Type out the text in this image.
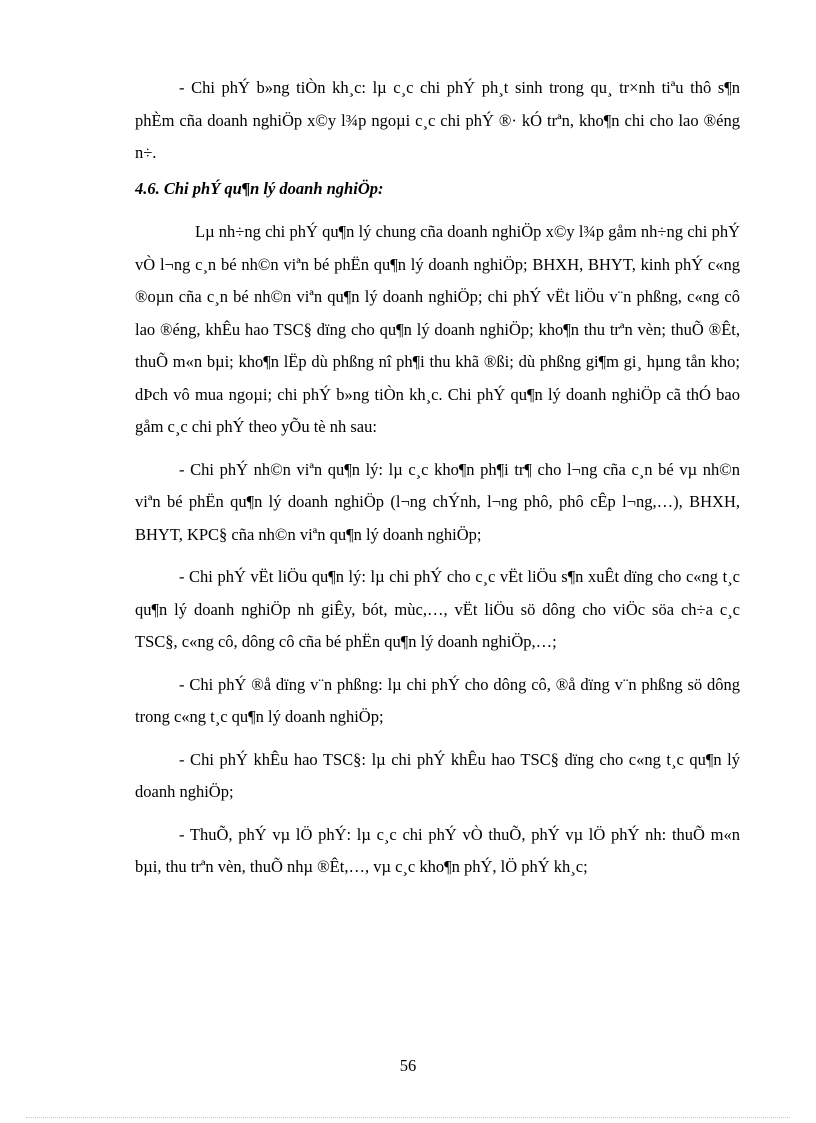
- Chi phÝ b»ng tiÒn kh¸c: lµ c¸c chi phÝ ph¸t sinh trong qu¸ tr×nh tiªu thô s¶n phÈm cña doanh nghiÖp x©y l¾p ngoµi c¸c chi phÝ ®· kÓ trªn, kho¶n chi cho lao ®éng n÷.

4.6. Chi phÝ qu¶n lý doanh nghiÖp:

Lµ nh÷ng chi phÝ qu¶n lý chung cña doanh nghiÖp x©y l¾p gåm nh÷ng chi phÝ vÒ l¬ng c¸n bé nh©n viªn bé phËn qu¶n lý doanh nghiÖp; BHXH, BHYT, kinh phÝ c«ng ®oµn cña c¸n bé nh©n viªn qu¶n lý doanh nghiÖp; chi phÝ vËt liÖu v¨n phßng, c«ng cô lao ®éng, khÊu hao TSC§ dïng cho qu¶n lý doanh nghiÖp; kho¶n thu trªn vèn; thuÕ ®Êt, thuÕ m«n bµi; kho¶n lËp dù phßng nî ph¶i thu khã ®ßi; dù phßng gi¶m gi¸ hµng tån kho; dÞch vô mua ngoµi; chi phÝ b»ng tiÒn kh¸c. Chi phÝ qu¶n lý doanh nghiÖp cã thÓ bao gåm c¸c chi phÝ theo yÕu tè nh sau:

- Chi phÝ nh©n viªn qu¶n lý: lµ c¸c kho¶n ph¶i tr¶ cho l¬ng cña c¸n bé vµ nh©n viªn bé phËn qu¶n lý doanh nghiÖp (l¬ng chÝnh, l¬ng phô, phô cÊp l¬ng,…), BHXH, BHYT, KPC§ cña nh©n viªn qu¶n lý doanh nghiÖp;

- Chi phÝ vËt liÖu qu¶n lý: lµ chi phÝ cho c¸c vËt liÖu s¶n xuÊt dïng cho c«ng t¸c qu¶n lý doanh nghiÖp nh giÊy, bót, mùc,…, vËt liÖu sö dông cho viÖc söa ch÷a c¸c TSC§, c«ng cô, dông cô cña bé phËn qu¶n lý doanh nghiÖp,…;

- Chi phÝ ®å dïng v¨n phßng: lµ chi phÝ cho dông cô, ®å dïng v¨n phßng sö dông trong c«ng t¸c qu¶n lý doanh nghiÖp;

- Chi phÝ khÊu hao TSC§: lµ chi phÝ khÊu hao TSC§ dïng cho c«ng t¸c qu¶n lý doanh nghiÖp;

- ThuÕ, phÝ vµ lÖ phÝ: lµ c¸c chi phÝ vÒ thuÕ, phÝ vµ lÖ phÝ nh: thuÕ m«n bµi, thu trªn vèn, thuÕ nhµ ®Êt,…, vµ c¸c kho¶n phÝ, lÖ phÝ kh¸c;

56
